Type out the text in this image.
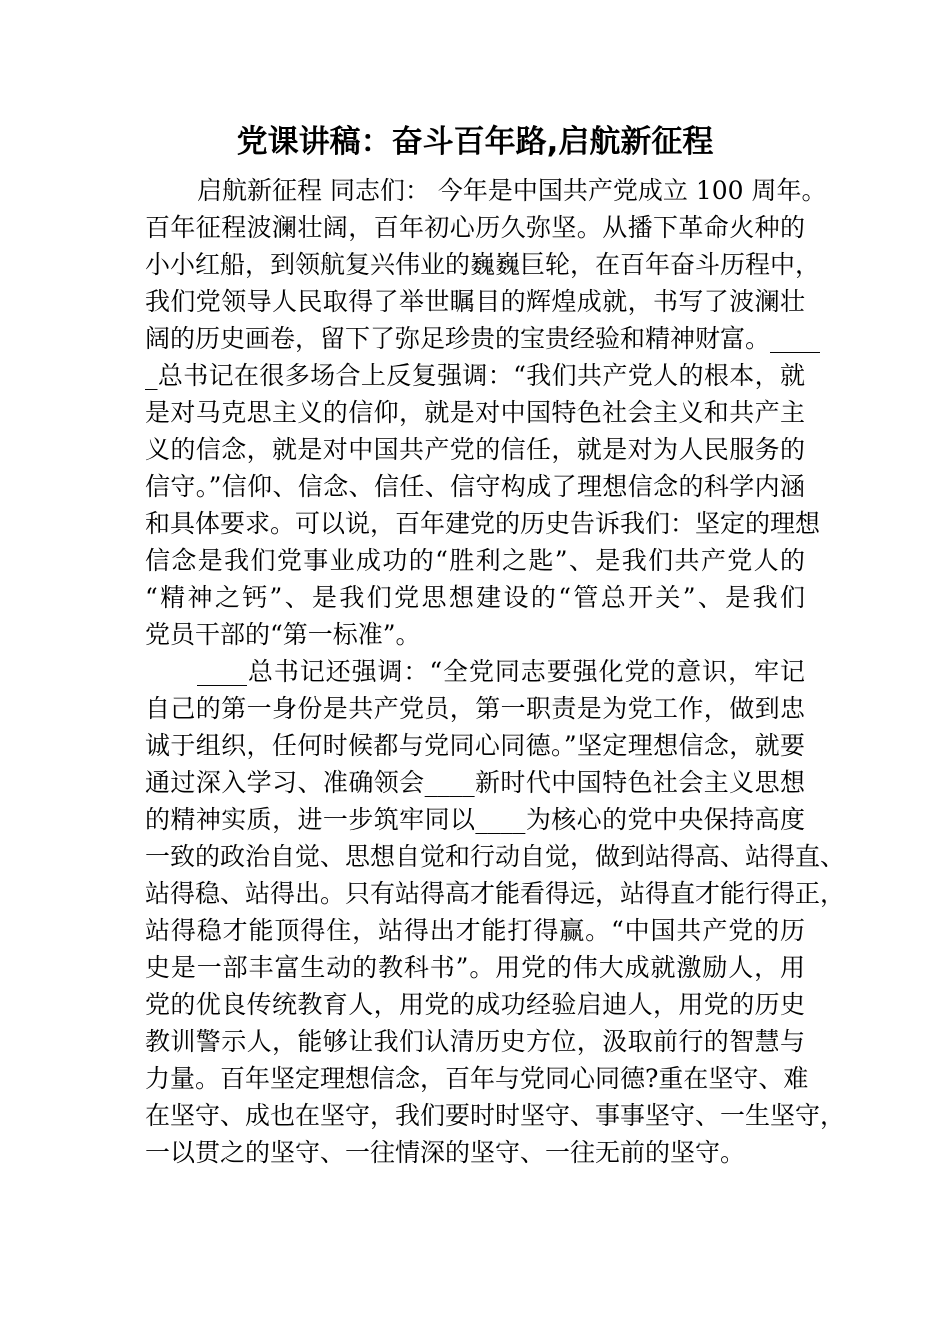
党课讲稿：奋斗百年路,启航新征程
启航新征程 同志们： 今年是中国共产党成立 100 周年。
百年征程波澜壮阔，百年初心历久弥坚。从播下革命火种的
小小红船，到领航复兴伟业的巍巍巨轮，在百年奋斗历程中，
我们党领导人民取得了举世瞩目的辉煌成就，书写了波澜壮
阔的历史画卷，留下了弥足珍贵的宝贵经验和精神财富。____
_总书记在很多场合上反复强调：“我们共产党人的根本，就
是对马克思主义的信仰，就是对中国特色社会主义和共产主
义的信念，就是对中国共产党的信任，就是对为人民服务的
信守。”信仰、信念、信任、信守构成了理想信念的科学内涵
和具体要求。可以说，百年建党的历史告诉我们：坚定的理想
信念是我们党事业成功的“胜利之匙”、是我们共产党人的
“精神之钙”、是我们党思想建设的“管总开关”、是我们
党员干部的“第一标准”。
____总书记还强调：“全党同志要强化党的意识，牢记
自己的第一身份是共产党员，第一职责是为党工作，做到忠
诚于组织，任何时候都与党同心同德。”坚定理想信念，就要
通过深入学习、准确领会____新时代中国特色社会主义思想
的精神实质，进一步筑牢同以____为核心的党中央保持高度
一致的政治自觉、思想自觉和行动自觉，做到站得高、站得直、
站得稳、站得出。只有站得高才能看得远，站得直才能行得正，
站得稳才能顶得住，站得出才能打得赢。“中国共产党的历
史是一部丰富生动的教科书”。用党的伟大成就激励人，用
党的优良传统教育人，用党的成功经验启迪人，用党的历史
教训警示人，能够让我们认清历史方位，汲取前行的智慧与
力量。百年坚定理想信念，百年与党同心同德?重在坚守、难
在坚守、成也在坚守，我们要时时坚守、事事坚守、一生坚守，
一以贯之的坚守、一往情深的坚守、一往无前的坚守。
